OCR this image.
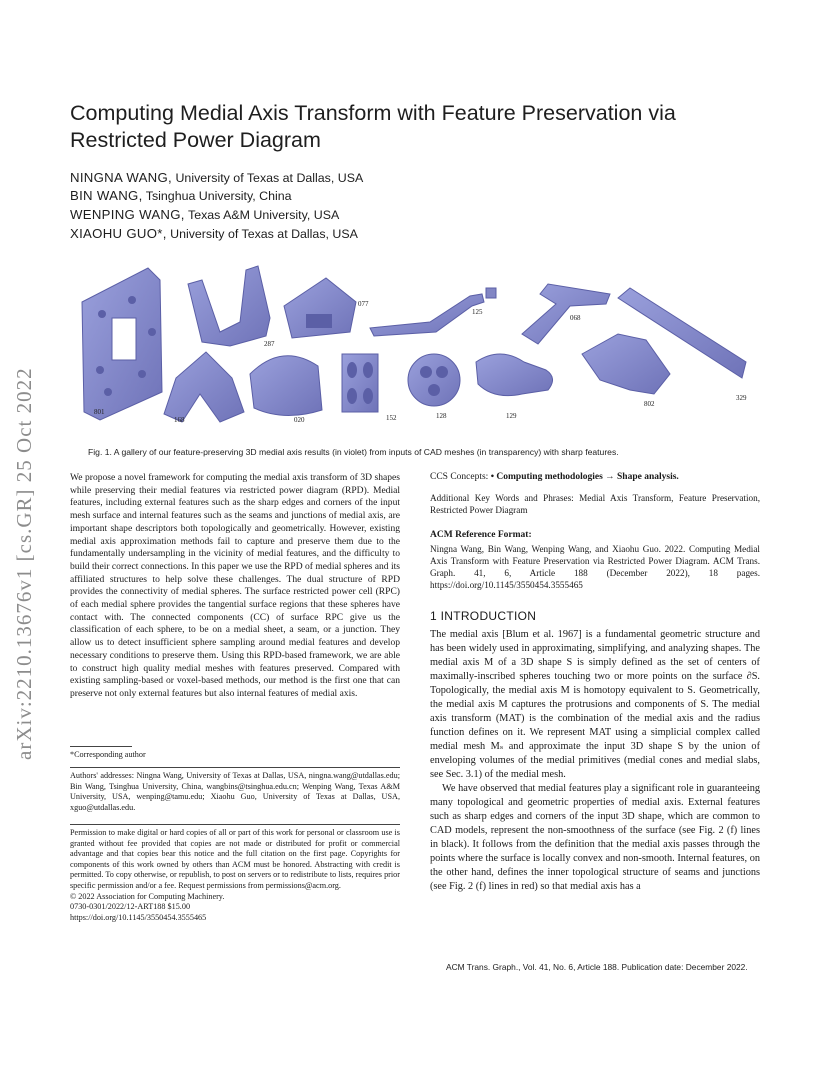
arXiv:2210.13676v1 [cs.GR] 25 Oct 2022
Computing Medial Axis Transform with Feature Preservation via Restricted Power Diagram
NINGNA WANG, University of Texas at Dallas, USA
BIN WANG, Tsinghua University, China
WENPING WANG, Texas A&M University, USA
XIAOHU GUO*, University of Texas at Dallas, USA
801
287
168	020
077
152	128
125
129
068
802
329
Fig. 1. A gallery of our feature-preserving 3D medial axis results (in violet) from inputs of CAD meshes (in transparency) with sharp features.
We propose a novel framework for computing the medial axis transform of 3D shapes while preserving their medial features via restricted power diagram (RPD). Medial features, including external features such as the sharp edges and corners of the input mesh surface and internal features such as the seams and junctions of medial axis, are important shape descriptors both topologically and geometrically. However, existing medial axis approximation methods fail to capture and preserve them due to the fundamentally undersampling in the vicinity of medial features, and the difficulty to build their correct connections. In this paper we use the RPD of medial spheres and its affiliated structures to help solve these challenges. The dual structure of RPD provides the connectivity of medial spheres. The surface restricted power cell (RPC) of each medial sphere provides the tangential surface regions that these spheres have contact with. The connected components (CC) of surface RPC give us the classification of each sphere, to be on a medial sheet, a seam, or a junction. They allow us to detect insufficient sphere sampling around medial features and develop necessary conditions to preserve them. Using this RPD-based framework, we are able to construct high quality medial meshes with features preserved. Compared with existing sampling-based or voxel-based methods, our method is the first one that can preserve not only external features but also internal features of medial axis.
*Corresponding author
Authors' addresses: Ningna Wang, University of Texas at Dallas, USA, ningna.wang@utdallas.edu; Bin Wang, Tsinghua University, China, wangbins@tsinghua.edu.cn; Wenping Wang, Texas A&M University, USA, wenping@tamu.edu; Xiaohu Guo, University of Texas at Dallas, USA, xguo@utdallas.edu.
Permission to make digital or hard copies of all or part of this work for personal or classroom use is granted without fee provided that copies are not made or distributed for profit or commercial advantage and that copies bear this notice and the full citation on the first page. Copyrights for components of this work owned by others than ACM must be honored. Abstracting with credit is permitted. To copy otherwise, or republish, to post on servers or to redistribute to lists, requires prior specific permission and/or a fee. Request permissions from permissions@acm.org.
© 2022 Association for Computing Machinery.
0730-0301/2022/12-ART188 $15.00
https://doi.org/10.1145/3550454.3555465
CCS Concepts: • Computing methodologies → Shape analysis.
Additional Key Words and Phrases: Medial Axis Transform, Feature Preservation, Restricted Power Diagram
ACM Reference Format:
Ningna Wang, Bin Wang, Wenping Wang, and Xiaohu Guo. 2022. Computing Medial Axis Transform with Feature Preservation via Restricted Power Diagram. ACM Trans. Graph. 41, 6, Article 188 (December 2022), 18 pages. https://doi.org/10.1145/3550454.3555465
1 INTRODUCTION

The medial axis [Blum et al. 1967] is a fundamental geometric structure and has been widely used in approximating, simplifying, and analyzing shapes. The medial axis M of a 3D shape S is simply defined as the set of centers of maximally-inscribed spheres touching two or more points on the surface ∂S. Topologically, the medial axis M is homotopy equivalent to S. Geometrically, the medial axis M captures the protrusions and components of S. The medial axis transform (MAT) is the combination of the medial axis and the radius function defines on it. We represent MAT using a simplicial complex called medial mesh Mₛ and approximate the input 3D shape S by the union of enveloping volumes of the medial primitives (medial cones and medial slabs, see Sec. 3.1) of the medial mesh.

We have observed that medial features play a significant role in guaranteeing many topological and geometric properties of medial axis. External features such as sharp edges and corners of the input 3D shape, which are common to CAD models, represent the non-smoothness of the surface (see Fig. 2 (f) lines in black). It follows from the definition that the medial axis passes through the points where the surface is locally convex and non-smooth. Internal features, on the other hand, defines the inner topological structure of seams and junctions (see Fig. 2 (f) lines in red) so that medial axis has a

ACM Trans. Graph., Vol. 41, No. 6, Article 188. Publication date: December 2022.
